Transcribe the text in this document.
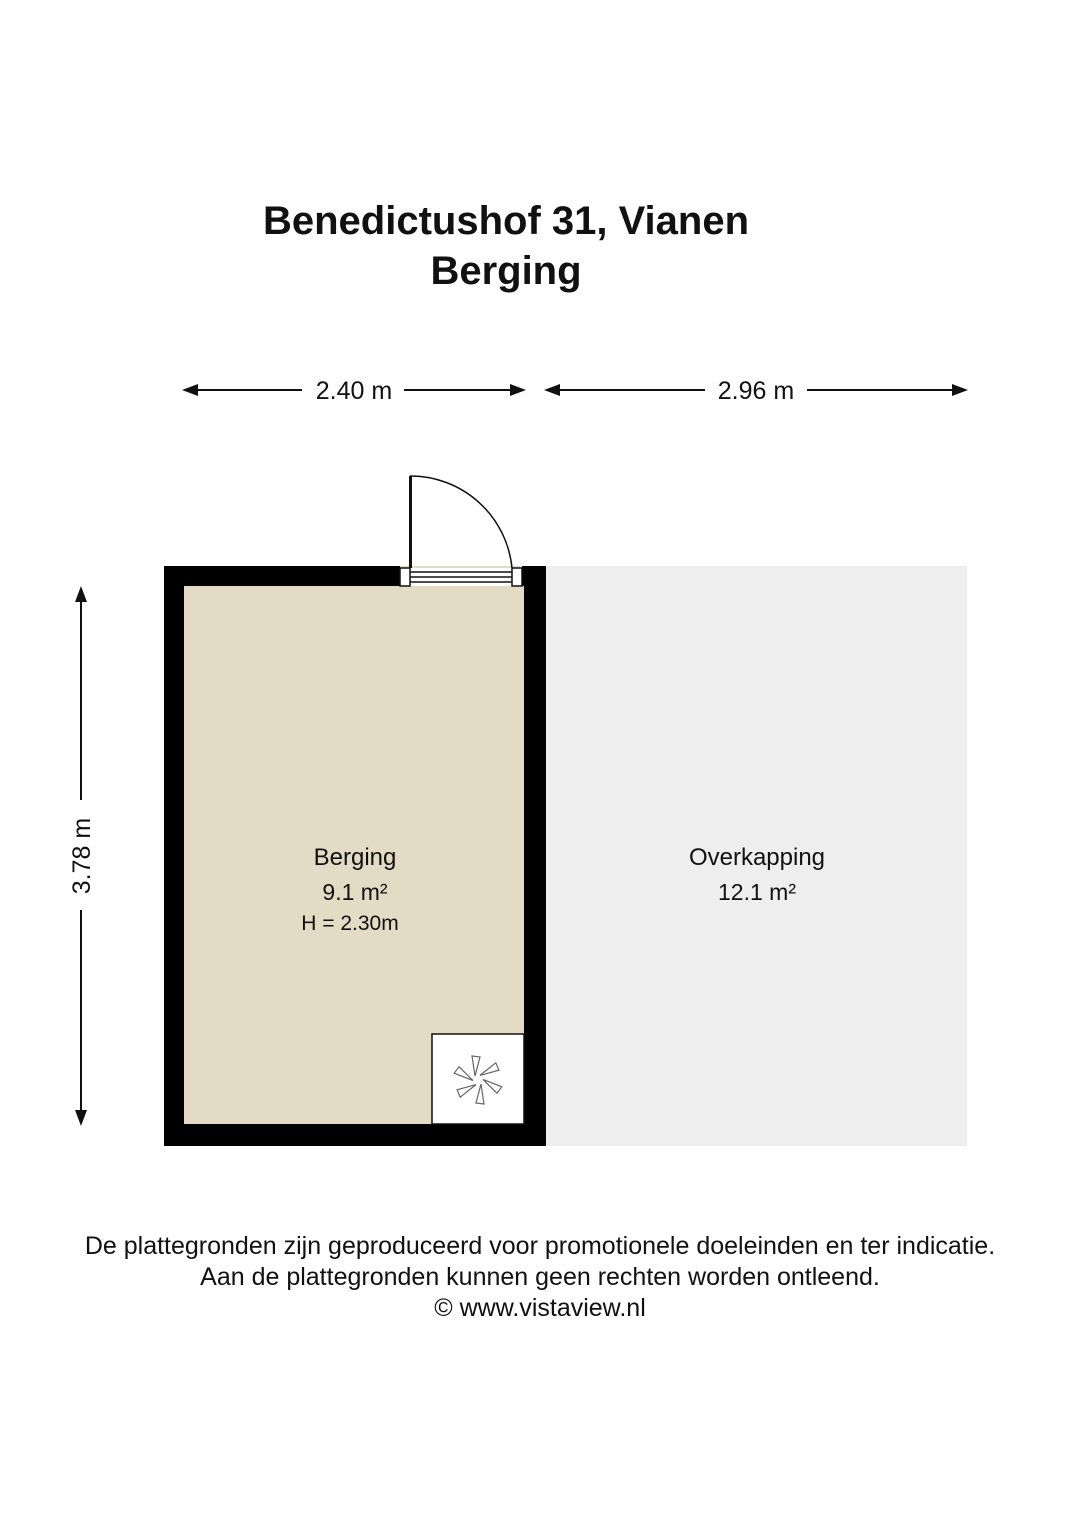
Benedictushof 31, Vianen
Berging
2.40 m	2.96 m
3.78 m	Berging
9.1 m²
H = 2.30m
Overkapping
12.1 m²
De plattegronden zijn geproduceerd voor promotionele doeleinden en ter indicatie.
Aan de plattegronden kunnen geen rechten worden ontleend.
© www.vistaview.nl
